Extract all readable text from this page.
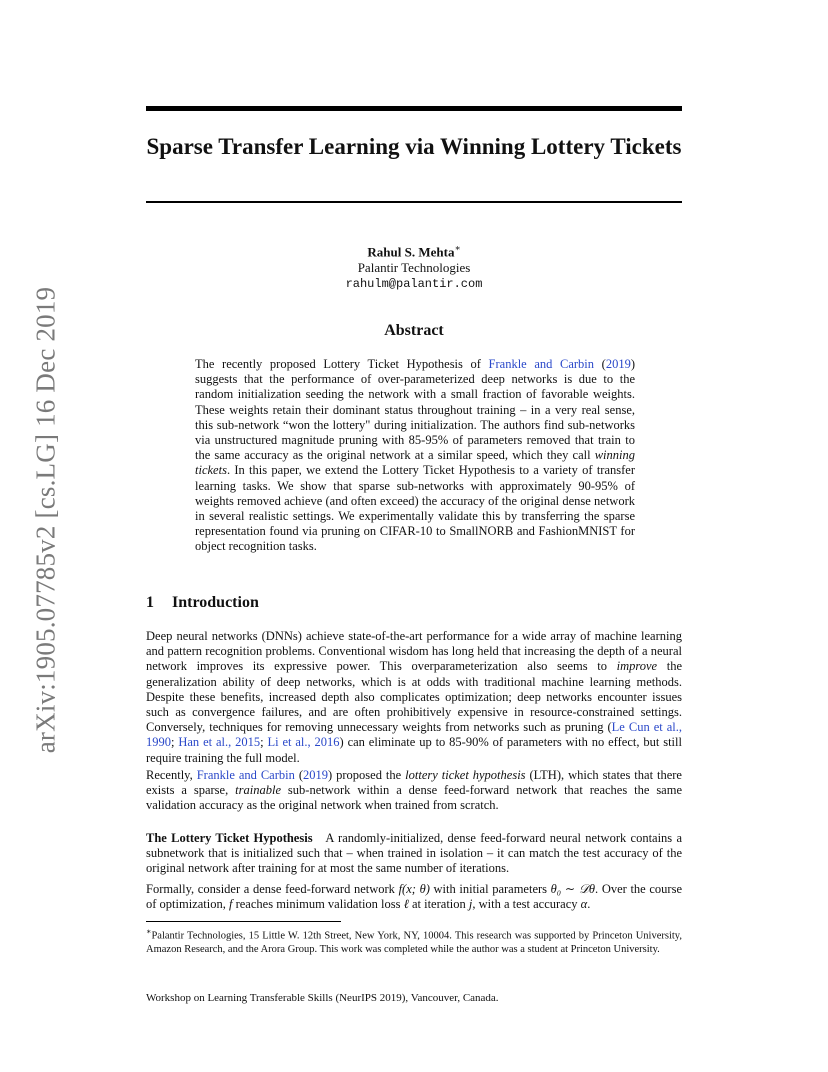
arXiv:1905.07785v2 [cs.LG] 16 Dec 2019
Sparse Transfer Learning via Winning Lottery Tickets
Rahul S. Mehta∗
Palantir Technologies
rahulm@palantir.com
Abstract
The recently proposed Lottery Ticket Hypothesis of Frankle and Carbin (2019) suggests that the performance of over-parameterized deep networks is due to the random initialization seeding the network with a small fraction of favorable weights. These weights retain their dominant status throughout training – in a very real sense, this sub-network “won the lottery" during initialization. The authors find sub-networks via unstructured magnitude pruning with 85-95% of parameters removed that train to the same accuracy as the original network at a similar speed, which they call winning tickets. In this paper, we extend the Lottery Ticket Hypothesis to a variety of transfer learning tasks. We show that sparse sub-networks with approximately 90-95% of weights removed achieve (and often exceed) the accuracy of the original dense network in several realistic settings. We experimentally validate this by transferring the sparse representation found via pruning on CIFAR-10 to SmallNORB and FashionMNIST for object recognition tasks.
1 Introduction
Deep neural networks (DNNs) achieve state-of-the-art performance for a wide array of machine learning and pattern recognition problems. Conventional wisdom has long held that increasing the depth of a neural network improves its expressive power. This overparameterization also seems to improve the generalization ability of deep networks, which is at odds with traditional machine learning methods. Despite these benefits, increased depth also complicates optimization; deep networks encounter issues such as convergence failures, and are often prohibitively expensive in resource-constrained settings. Conversely, techniques for removing unnecessary weights from networks such as pruning (Le Cun et al., 1990; Han et al., 2015; Li et al., 2016) can eliminate up to 85-90% of parameters with no effect, but still require training the full model.
Recently, Frankle and Carbin (2019) proposed the lottery ticket hypothesis (LTH), which states that there exists a sparse, trainable sub-network within a dense feed-forward network that reaches the same validation accuracy as the original network when trained from scratch.
The Lottery Ticket Hypothesis A randomly-initialized, dense feed-forward neural network contains a subnetwork that is initialized such that – when trained in isolation – it can match the test accuracy of the original network after training for at most the same number of iterations.
Formally, consider a dense feed-forward network f(x; θ) with initial parameters θ₀ ∼ 𝒟θ. Over the course of optimization, f reaches minimum validation loss ℓ at iteration j, with a test accuracy α.
∗Palantir Technologies, 15 Little W. 12th Street, New York, NY, 10004. This research was supported by Princeton University, Amazon Research, and the Arora Group. This work was completed while the author was a student at Princeton University.
Workshop on Learning Transferable Skills (NeurIPS 2019), Vancouver, Canada.
